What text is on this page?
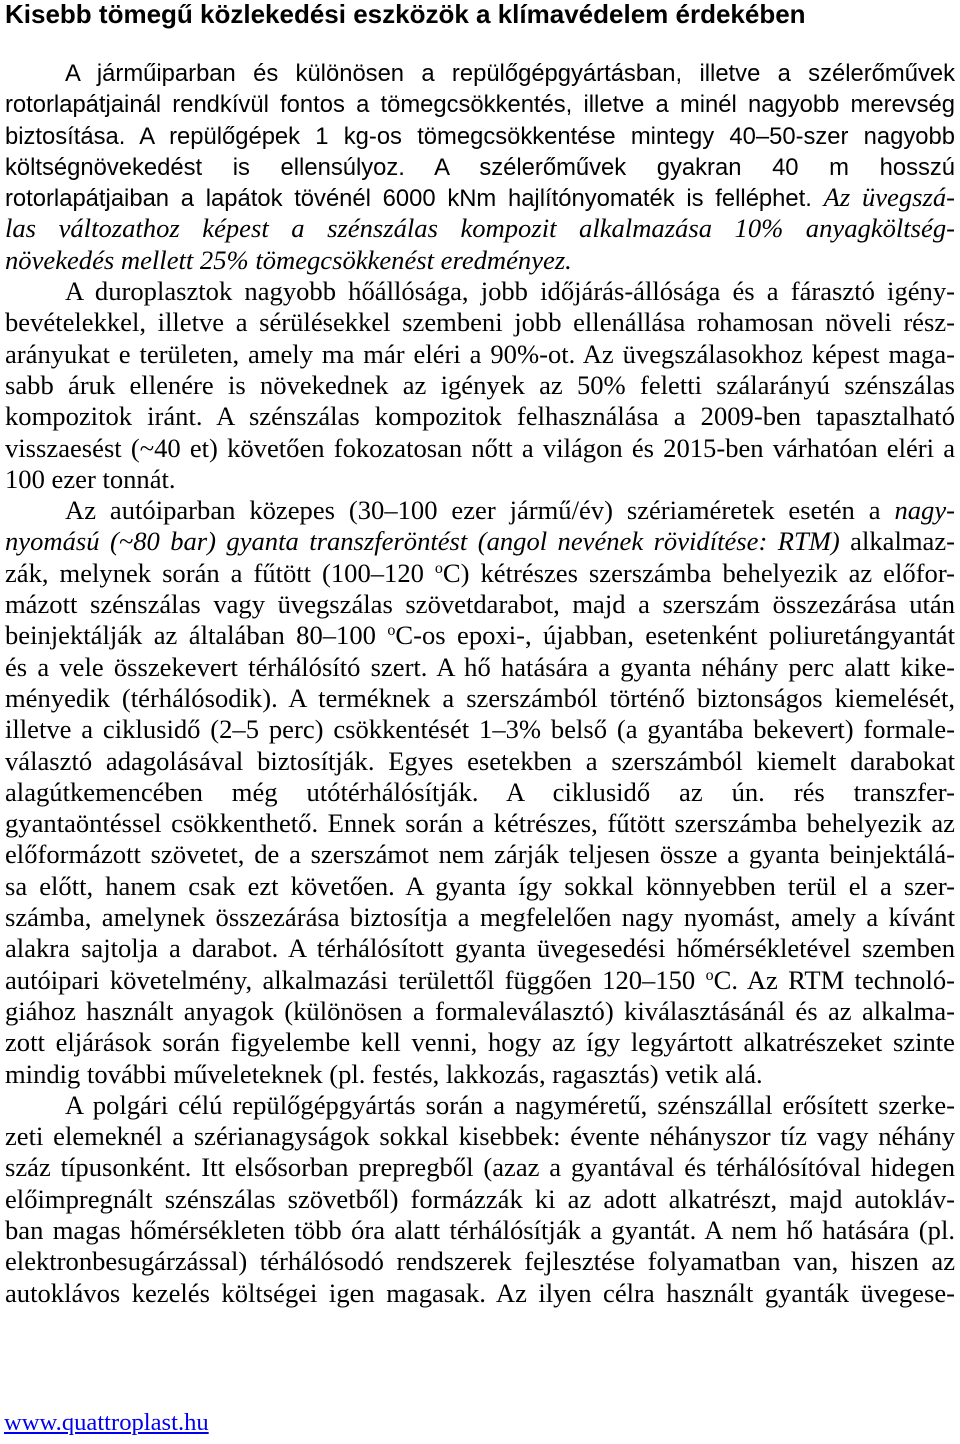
Kisebb tömegű közlekedési eszközök a klímavédelem érdekében
A járműiparban és különösen a repülőgépgyártásban, illetve a szélerőművek
rotorlapátjainál rendkívül fontos a tömegcsökkentés, illetve a minél nagyobb merevség
biztosítása. A repülőgépek 1 kg-os tömegcsökkentése mintegy 40–50-szer nagyobb
költségnövekedést is ellensúlyoz. A szélerőművek gyakran 40 m hosszú
rotorlapátjaiban a lapátok tövénél 6000 kNm hajlítónyomaték is felléphet. Az üvegszá-
las változathoz képest a szénszálas kompozit alkalmazása 10% anyagköltség-
növekedés mellett 25% tömegcsökkenést eredményez.
A duroplasztok nagyobb hőállósága, jobb időjárás-állósága és a fárasztó igény-
bevételekkel, illetve a sérülésekkel szembeni jobb ellenállása rohamosan növeli rész-
arányukat e területen, amely ma már eléri a 90%-ot. Az üvegszálasokhoz képest maga-
sabb áruk ellenére is növekednek az igények az 50% feletti szálarányú szénszálas
kompozitok iránt. A szénszálas kompozitok felhasználása a 2009-ben tapasztalható
visszaesést (~40 et) követően fokozatosan nőtt a világon és 2015-ben várhatóan eléri a
100 ezer tonnát.
Az autóiparban közepes (30–100 ezer jármű/év) szériaméretek esetén a nagy-
nyomású (~80 bar) gyanta transzferöntést (angol nevének rövidítése: RTM) alkalmaz-
zák, melynek során a fűtött (100–120 $^o$C) kétrészes szerszámba behelyezik az előfor-
mázott szénszálas vagy üvegszálas szövetdarabot, majd a szerszám összezárása után
beinjektálják az általában 80–100 $^o$C-os epoxi-, újabban, esetenként poliuretángyantát
és a vele összekevert térhálósító szert. A hő hatására a gyanta néhány perc alatt kike-
ményedik (térhálósodik). A terméknek a szerszámból történő biztonságos kiemelését,
illetve a ciklusidő (2–5 perc) csökkentését 1–3% belső (a gyantába bekevert) formale-
választó adagolásával biztosítják. Egyes esetekben a szerszámból kiemelt darabokat
alagútkemencében még utótérhálósítják. A ciklusidő az ún. rés transzfer-
gyantaöntéssel csökkenthető. Ennek során a kétrészes, fűtött szerszámba behelyezik az
előformázott szövetet, de a szerszámot nem zárják teljesen össze a gyanta beinjektálá-
sa előtt, hanem csak ezt követően. A gyanta így sokkal könnyebben terül el a szer-
számba, amelynek összezárása biztosítja a megfelelően nagy nyomást, amely a kívánt
alakra sajtolja a darabot. A térhálósított gyanta üvegesedési hőmérsékletével szemben
autóipari követelmény, alkalmazási területtől függően 120–150 $^o$C. Az RTM technoló-
giához használt anyagok (különösen a formaleválasztó) kiválasztásánál és az alkalma-
zott eljárások során figyelembe kell venni, hogy az így legyártott alkatrészeket szinte
mindig további műveleteknek (pl. festés, lakkozás, ragasztás) vetik alá.
A polgári célú repülőgépgyártás során a nagyméretű, szénszállal erősített szerke-
zeti elemeknél a szérianagyságok sokkal kisebbek: évente néhányszor tíz vagy néhány
száz típusonként. Itt elsősorban prepregből (azaz a gyantával és térhálósítóval hidegen
előimpregnált szénszálas szövetből) formázzák ki az adott alkatrészt, majd autokláv-
ban magas hőmérsékleten több óra alatt térhálósítják a gyantát. A nem hő hatására (pl.
elektronbesugárzással) térhálósodó rendszerek fejlesztése folyamatban van, hiszen az
autoklávos kezelés költségei igen magasak. Az ilyen célra használt gyanták üvegese-
www.quattroplast.hu
